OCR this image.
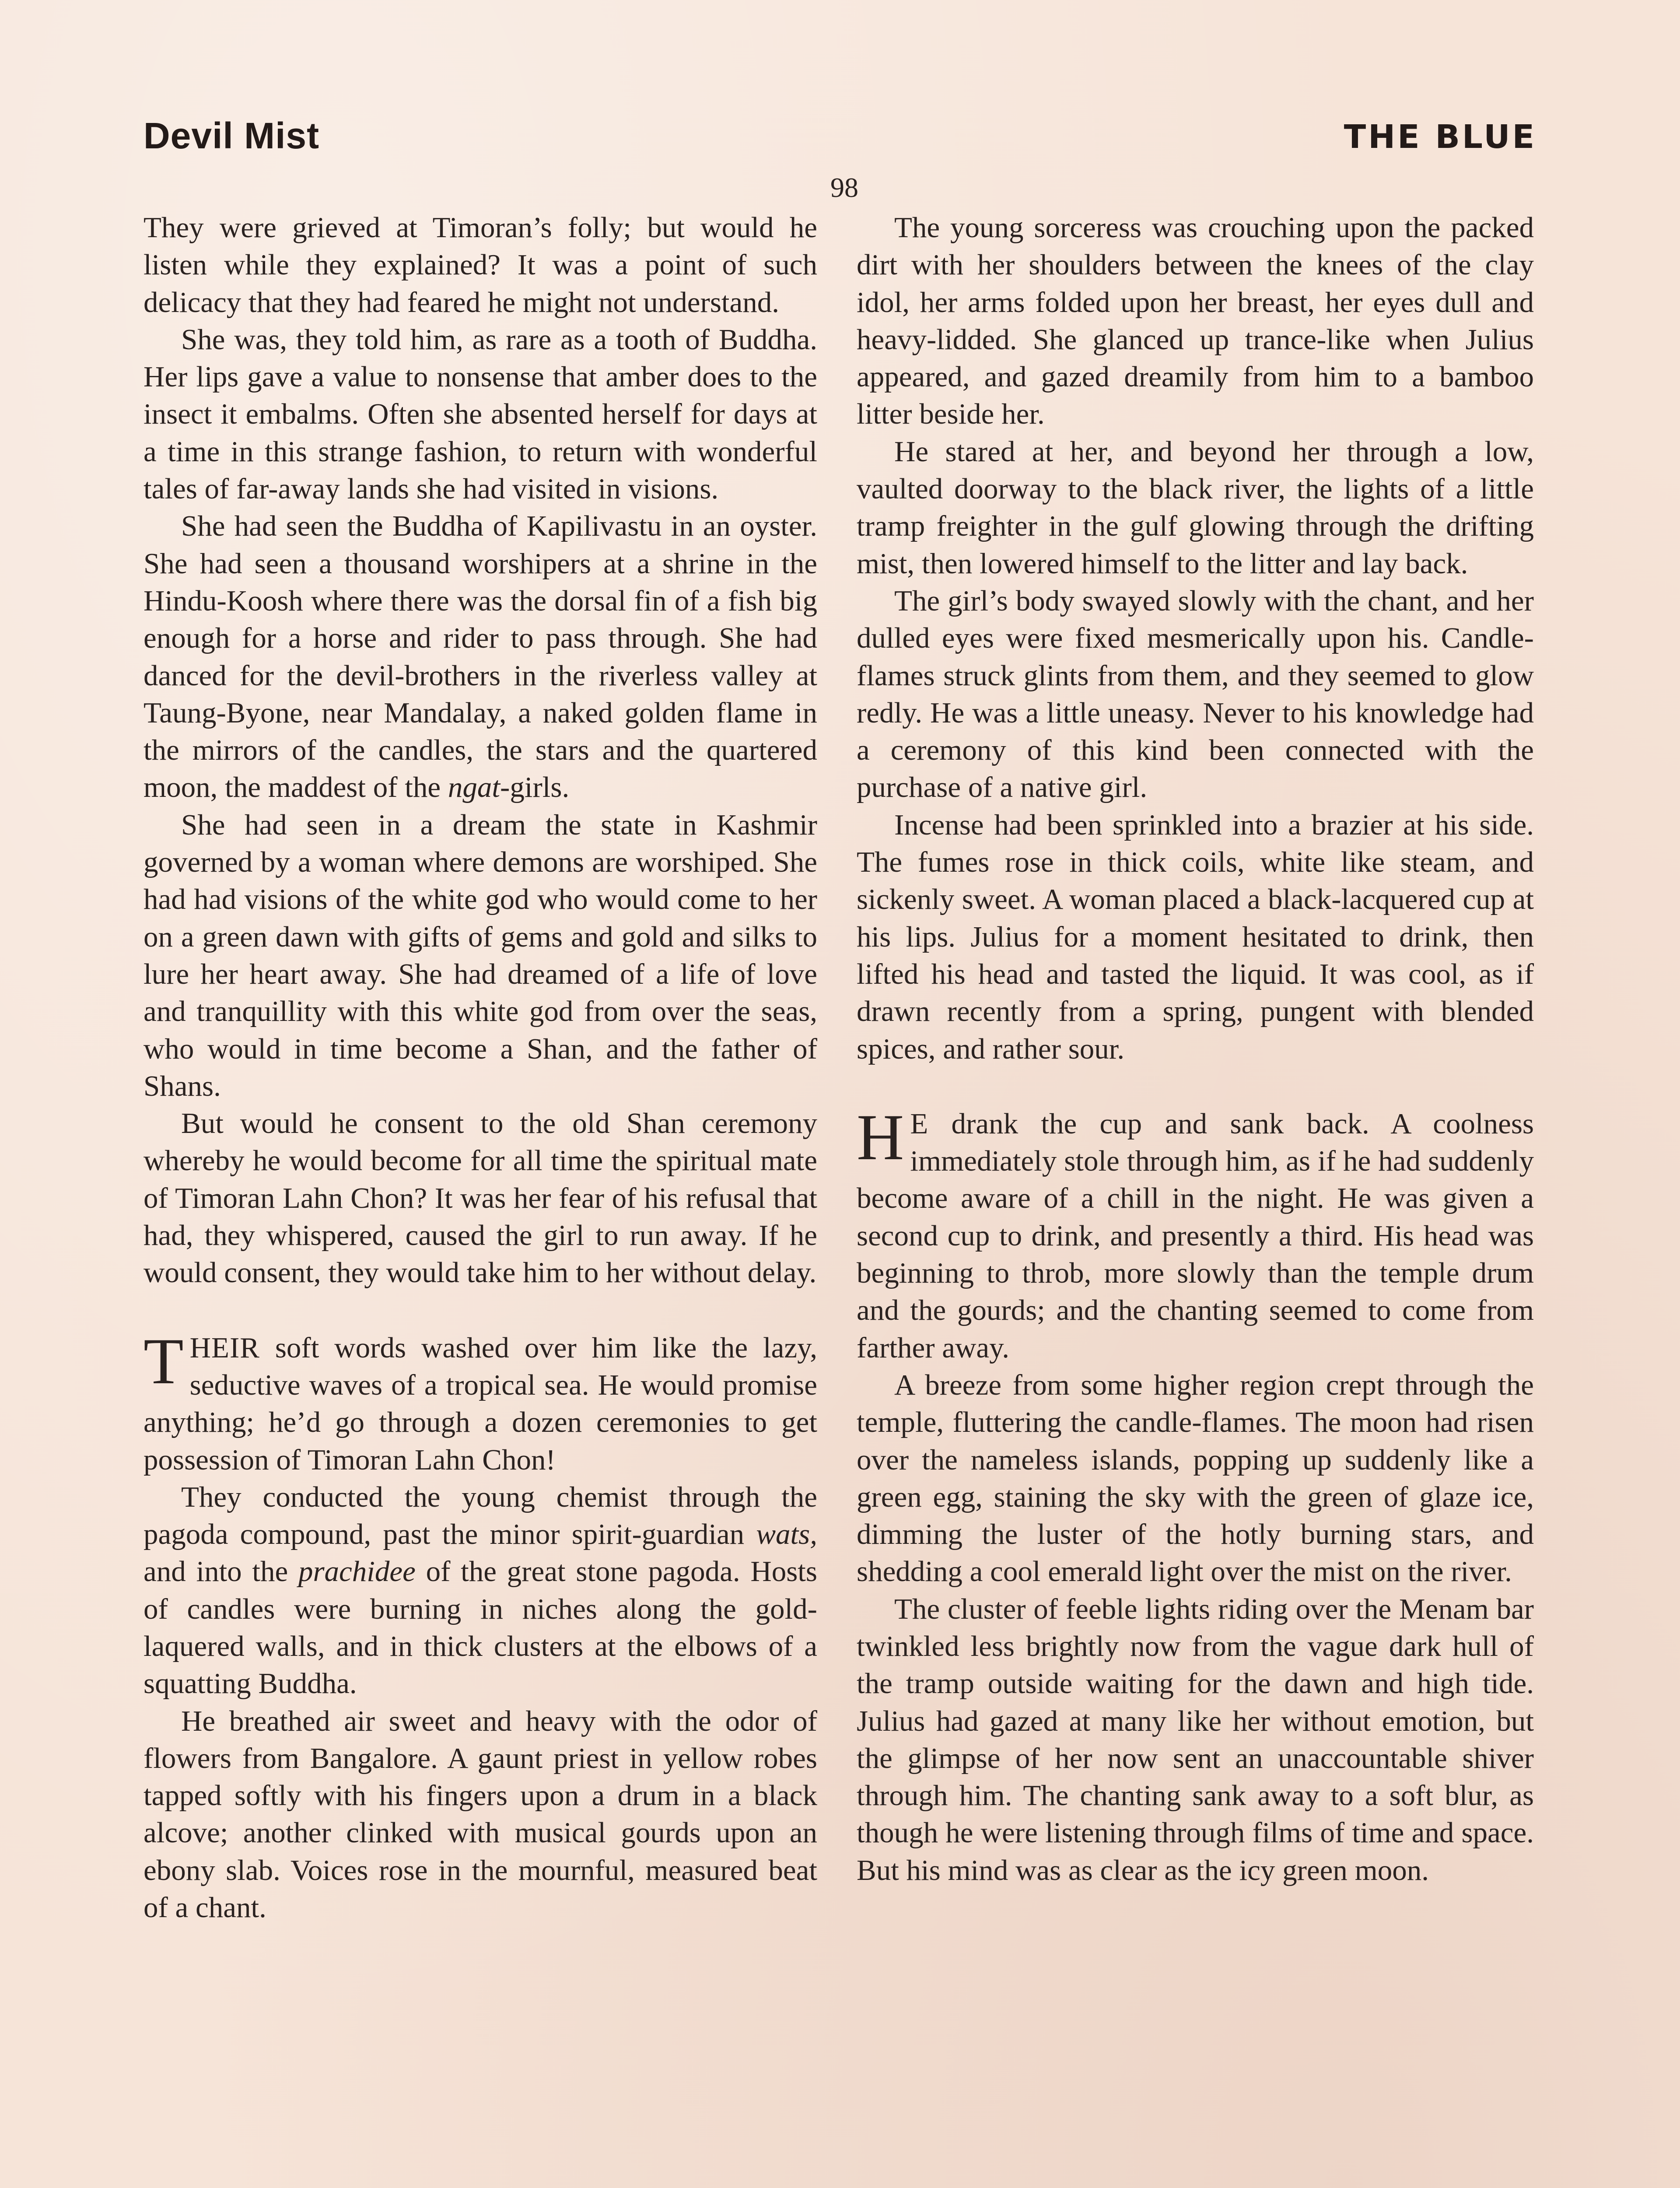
Devil Mist	THE BLUE
98

They were grieved at Timoran’s folly; but would he listen while they explained? It was a point of such delicacy that they had feared he might not understand.

She was, they told him, as rare as a tooth of Buddha. Her lips gave a value to nonsense that amber does to the insect it embalms. Often she absented herself for days at a time in this strange fashion, to return with wonderful tales of far-away lands she had visited in visions.

She had seen the Buddha of Kapilivastu in an oyster. She had seen a thousand worshipers at a shrine in the Hindu-Koosh where there was the dorsal fin of a fish big enough for a horse and rider to pass through. She had danced for the devil-brothers in the riverless valley at Taung-Byone, near Mandalay, a naked golden flame in the mirrors of the candles, the stars and the quartered moon, the maddest of the ngat-girls.

She had seen in a dream the state in Kashmir governed by a woman where demons are worshiped. She had had visions of the white god who would come to her on a green dawn with gifts of gems and gold and silks to lure her heart away. She had dreamed of a life of love and tranquillity with this white god from over the seas, who would in time become a Shan, and the father of Shans.

But would he consent to the old Shan ceremony whereby he would become for all time the spiritual mate of Timoran Lahn Chon? It was her fear of his refusal that had, they whispered, caused the girl to run away. If he would consent, they would take him to her without delay.

THEIR soft words washed over him like the lazy, seductive waves of a tropical sea. He would promise anything; he’d go through a dozen ceremonies to get possession of Timoran Lahn Chon!

They conducted the young chemist through the pagoda compound, past the minor spirit-guardian wats, and into the prachidee of the great stone pagoda. Hosts of candles were burning in niches along the gold-laquered walls, and in thick clusters at the elbows of a squatting Buddha.

He breathed air sweet and heavy with the odor of flowers from Bangalore. A gaunt priest in yellow robes tapped softly with his fingers upon a drum in a black alcove; another clinked with musical gourds upon an ebony slab. Voices rose in the mournful, measured beat of a chant.

The young sorceress was crouching upon the packed dirt with her shoulders between the knees of the clay idol, her arms folded upon her breast, her eyes dull and heavy-lidded. She glanced up trance-like when Julius appeared, and gazed dreamily from him to a bamboo litter beside her.

He stared at her, and beyond her through a low, vaulted doorway to the black river, the lights of a little tramp freighter in the gulf glowing through the drifting mist, then lowered himself to the litter and lay back.

The girl’s body swayed slowly with the chant, and her dulled eyes were fixed mesmerically upon his. Candle-flames struck glints from them, and they seemed to glow redly. He was a little uneasy. Never to his knowledge had a ceremony of this kind been connected with the purchase of a native girl.

Incense had been sprinkled into a brazier at his side. The fumes rose in thick coils, white like steam, and sickenly sweet. A woman placed a black-lacquered cup at his lips. Julius for a moment hesitated to drink, then lifted his head and tasted the liquid. It was cool, as if drawn recently from a spring, pungent with blended spices, and rather sour.

H E drank the cup and sank back. A coolness immediately stole through him, as if he had suddenly become aware of a chill in the night. He was given a second cup to drink, and presently a third. His head was beginning to throb, more slowly than the temple drum and the gourds; and the chanting seemed to come from farther away.

A breeze from some higher region crept through the temple, fluttering the candle-flames. The moon had risen over the nameless islands, popping up suddenly like a green egg, staining the sky with the green of glaze ice, dimming the luster of the hotly burning stars, and shedding a cool emerald light over the mist on the river.

The cluster of feeble lights riding over the Menam bar twinkled less brightly now from the vague dark hull of the tramp outside waiting for the dawn and high tide. Julius had gazed at many like her without emotion, but the glimpse of her now sent an unaccountable shiver through him. The chanting sank away to a soft blur, as though he were listening through films of time and space. But his mind was as clear as the icy green moon.
